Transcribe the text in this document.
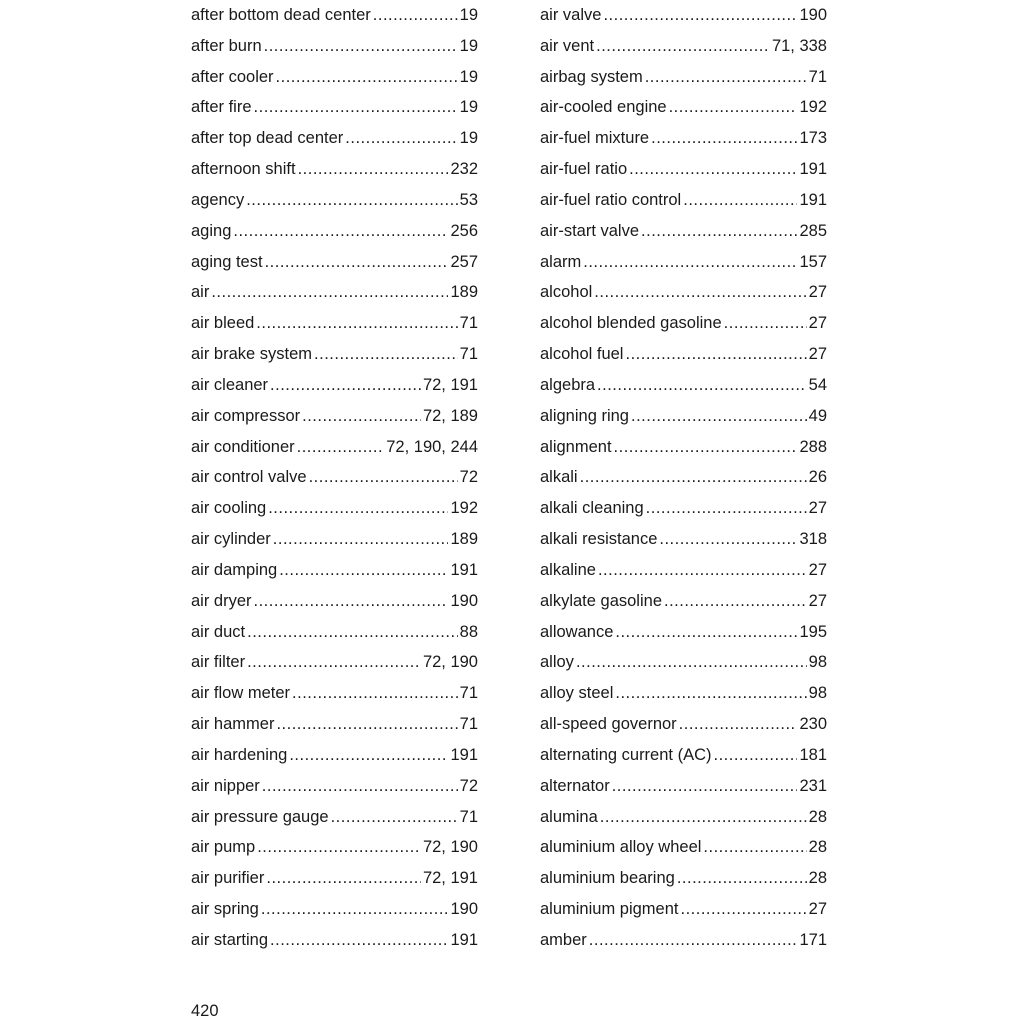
after bottom dead center .....	19
after burn .....	19
after cooler .....	19
after fire .....	19
after top dead center .....	19
afternoon shift .....	232
agency .....	53
aging .....	256
aging test .....	257
air .....	189
air bleed .....	71
air brake system .....	71
air cleaner .....	72, 191
air compressor .....	72, 189
air conditioner .....	72, 190, 244
air control valve .....	72
air cooling .....	192
air cylinder .....	189
air damping .....	191
air dryer .....	190
air duct .....	88
air filter .....	72, 190
air flow meter .....	71
air hammer .....	71
air hardening .....	191
air nipper .....	72
air pressure gauge .....	71
air pump .....	72, 190
air purifier .....	72, 191
air spring .....	190
air starting .....	191
air valve .....	190
air vent .....	71, 338
airbag system .....	71
air-cooled engine .....	192
air-fuel mixture .....	173
air-fuel ratio .....	191
air-fuel ratio control .....	191
air-start valve .....	285
alarm .....	157
alcohol .....	27
alcohol blended gasoline .....	27
alcohol fuel .....	27
algebra .....	54
aligning ring .....	49
alignment .....	288
alkali .....	26
alkali cleaning .....	27
alkali resistance .....	318
alkaline .....	27
alkylate gasoline .....	27
allowance .....	195
alloy .....	98
alloy steel .....	98
all-speed governor .....	230
alternating current (AC) .....	181
alternator .....	231
alumina .....	28
aluminium alloy wheel .....	28
aluminium bearing .....	28
aluminium pigment .....	27
amber .....	171
420
